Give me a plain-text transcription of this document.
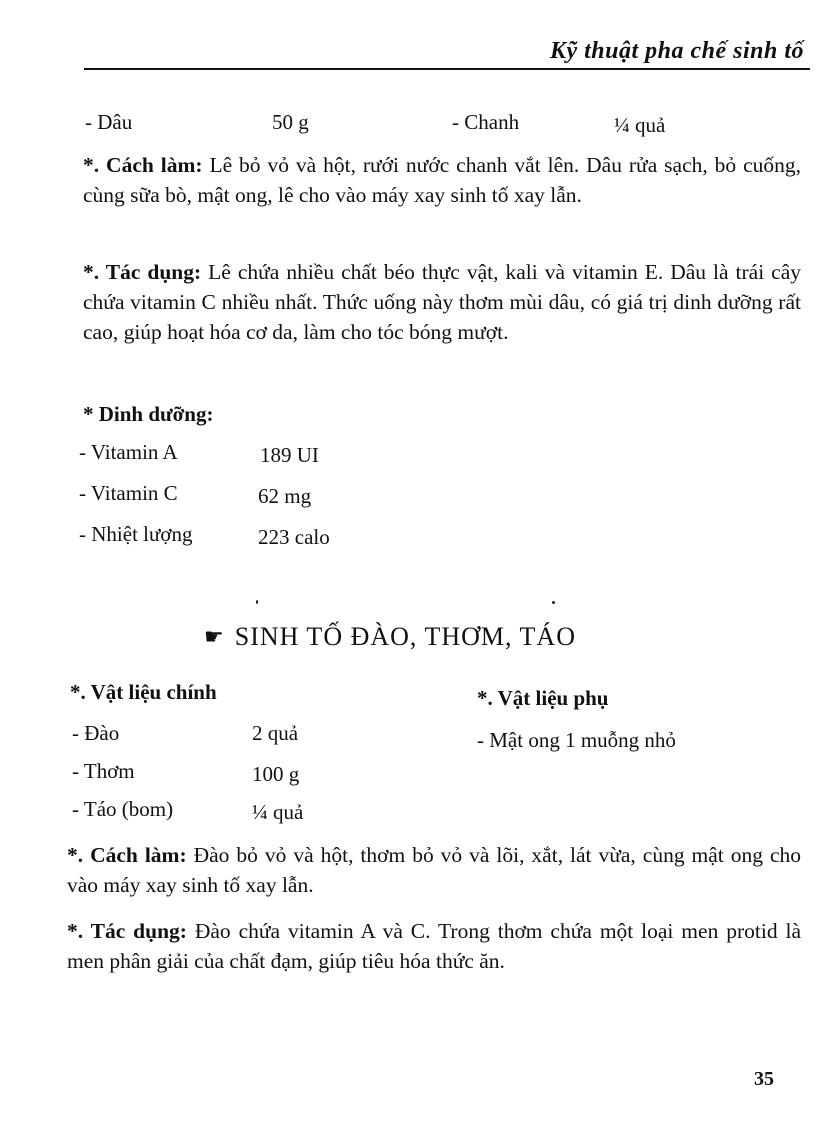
Kỹ thuật pha chế sinh tố
- Dâu	50 g	- Chanh	¼ quả
*. Cách làm: Lê bỏ vỏ và hột, rưới nước chanh vắt lên. Dâu rửa sạch, bỏ cuống, cùng sữa bò, mật ong, lê cho vào máy xay sinh tố xay lẫn.
*. Tác dụng: Lê chứa nhiều chất béo thực vật, kali và vitamin E. Dâu là trái cây chứa vitamin C nhiều nhất. Thức uống này thơm mùi dâu, có giá trị dinh dưỡng rất cao, giúp hoạt hóa cơ da, làm cho tóc bóng mượt.
* Dinh dưỡng:
- Vitamin A	189 UI
- Vitamin C	62 mg
- Nhiệt lượng	223 calo
☛ SINH TỐ ĐÀO, THƠM, TÁO
*. Vật liệu chính
- Đào	2 quả
- Thơm	100 g
- Táo (bom)	¼ quả
*. Vật liệu phụ
- Mật ong 1 muỗng nhỏ
*. Cách làm: Đào bỏ vỏ và hột, thơm bỏ vỏ và lõi, xắt, lát vừa, cùng mật ong cho vào máy xay sinh tố xay lẫn.
*. Tác dụng: Đào chứa vitamin A và C. Trong thơm chứa một loại men protid là men phân giải của chất đạm, giúp tiêu hóa thức ăn.
35
